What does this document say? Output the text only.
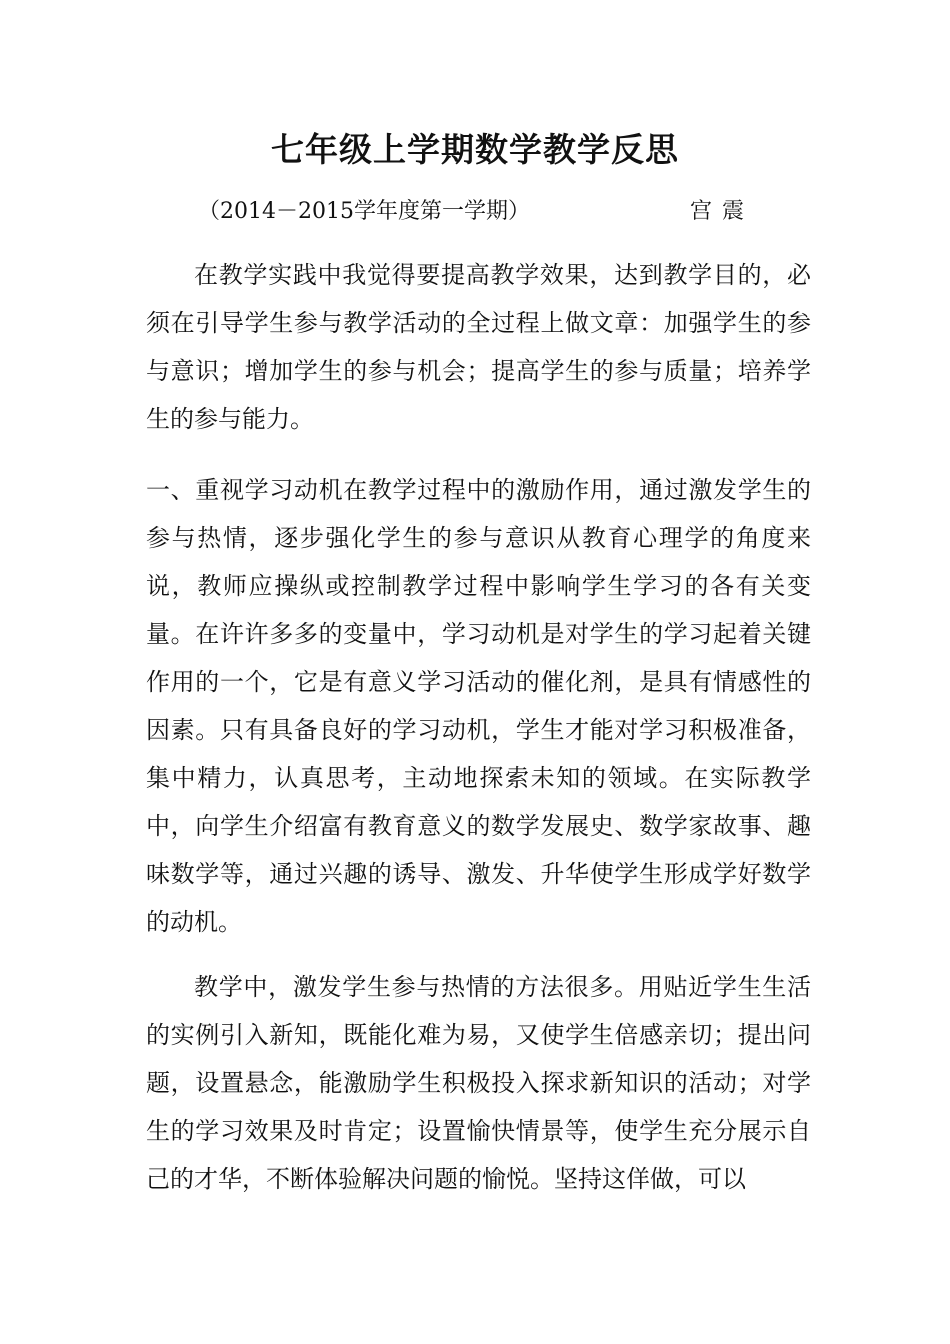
七年级上学期数学教学反思
（2014－2015学年度第一学期）	宫震

在教学实践中我觉得要提高教学效果，达到教学目的，必须在引导学生参与教学活动的全过程上做文章：加强学生的参与意识；增加学生的参与机会；提高学生的参与质量；培养学生的参与能力。

一、重视学习动机在教学过程中的激励作用，通过激发学生的参与热情，逐步强化学生的参与意识从教育心理学的角度来说，教师应操纵或控制教学过程中影响学生学习的各有关变量。在许许多多的变量中，学习动机是对学生的学习起着关键作用的一个，它是有意义学习活动的催化剂，是具有情感性的因素。只有具备良好的学习动机，学生才能对学习积极准备，集中精力，认真思考，主动地探索未知的领域。在实际教学中，向学生介绍富有教育意义的数学发展史、数学家故事、趣味数学等，通过兴趣的诱导、激发、升华使学生形成学好数学的动机。

教学中，激发学生参与热情的方法很多。用贴近学生生活的实例引入新知，既能化难为易，又使学生倍感亲切；提出问题，设置悬念，能激励学生积极投入探求新知识的活动；对学生的学习效果及时肯定；设置愉快情景等，使学生充分展示自己的才华，不断体验解决问题的愉悦。坚持这佯做，可以
